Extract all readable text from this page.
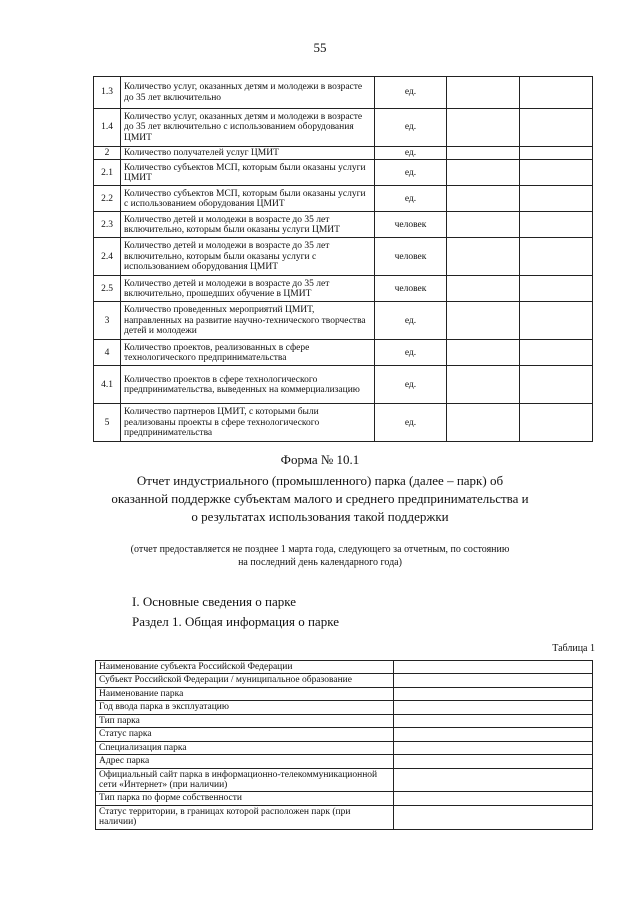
55
1.3	Количество услуг, оказанных детям и молодежи в возрасте до 35 лет включительно	ед.		
1.4	Количество услуг, оказанных детям и молодежи в возрасте до 35 лет включительно с использованием оборудования ЦМИТ	ед.		
2	Количество получателей услуг ЦМИТ	ед.		
2.1	Количество субъектов МСП, которым были оказаны услуги ЦМИТ	ед.		
2.2	Количество субъектов МСП, которым были оказаны услуги с использованием оборудования ЦМИТ	ед.		
2.3	Количество детей и молодежи в возрасте до 35 лет включительно, которым были оказаны услуги ЦМИТ	человек		
2.4	Количество детей и молодежи в возрасте до 35 лет включительно, которым были оказаны услуги с использованием оборудования ЦМИТ	человек		
2.5	Количество детей и молодежи в возрасте до 35 лет включительно, прошедших обучение в ЦМИТ	человек		
3	Количество проведенных мероприятий ЦМИТ, направленных на развитие научно-технического творчества детей и молодежи	ед.		
4	Количество проектов, реализованных в сфере технологического предпринимательства	ед.		
4.1	Количество проектов в сфере технологического предпринимательства, выведенных на коммерциализацию	ед.		
5	Количество партнеров ЦМИТ, с которыми были реализованы проекты в сфере технологического предпринимательства	ед.		
Форма № 10.1
Отчет индустриального (промышленного) парка (далее – парк) об оказанной поддержке субъектам малого и среднего предпринимательства и о результатах использования такой поддержки
(отчет предоставляется не позднее 1 марта года, следующего за отчетным, по состоянию на последний день календарного года)
I. Основные сведения о парке
Раздел 1. Общая информация о парке
Таблица 1
Наименование субъекта Российской Федерации	
Субъект Российской Федерации / муниципальное образование	
Наименование парка	
Год ввода парка в эксплуатацию	
Тип парка	
Статус парка	
Специализация парка	
Адрес парка	
Официальный сайт парка в информационно-телекоммуникационной сети «Интернет» (при наличии)	
Тип парка по форме собственности	
Статус территории, в границах которой расположен парк (при наличии)	
